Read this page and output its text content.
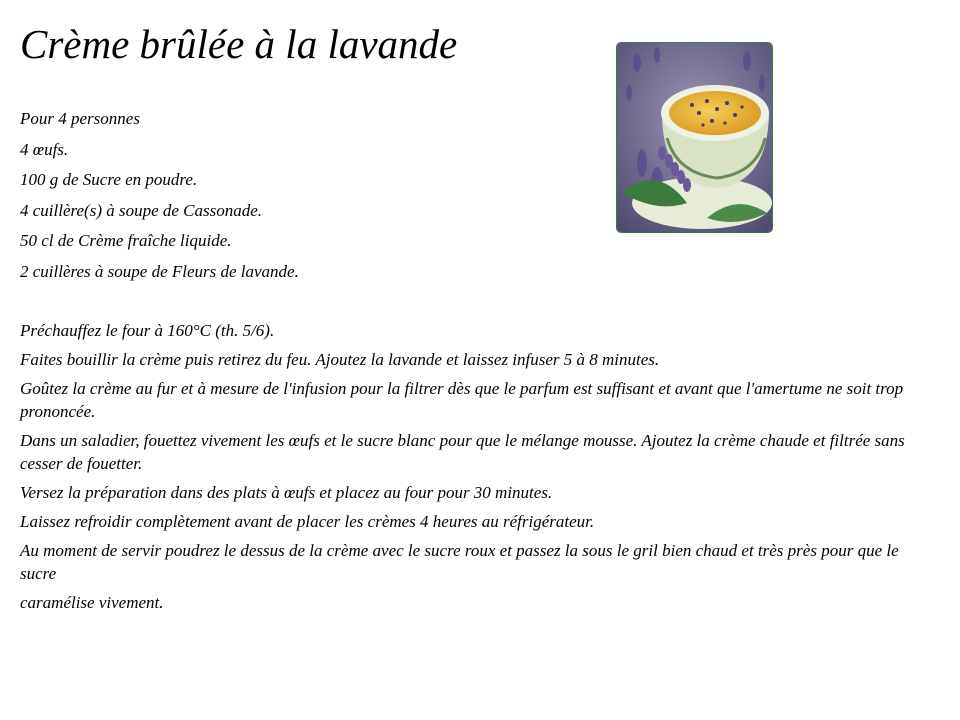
Crème brûlée à la lavande
Pour 4 personnes
4 œufs.
100 g de Sucre en poudre.
4 cuillère(s) à soupe de Cassonade.
50 cl de Crème fraîche liquide.
2 cuillères à soupe de Fleurs de lavande.
Préchauffez le four à 160°C (th. 5/6).
Faites bouillir la crème puis retirez du feu. Ajoutez la lavande et laissez infuser 5 à 8 minutes.
Goûtez la crème au fur et à mesure de l'infusion pour la filtrer dès que le parfum est suffisant et avant que l'amertume ne soit trop prononcée.
Dans un saladier, fouettez vivement les œufs et le sucre blanc pour que le mélange mousse. Ajoutez la crème chaude et filtrée sans cesser de fouetter.
Versez la préparation dans des plats à œufs et placez au four pour 30 minutes.
Laissez refroidir complètement avant de placer les crèmes 4 heures au réfrigérateur.
Au moment de servir poudrez le dessus de la crème avec le sucre roux et passez la sous le gril bien chaud et très près pour que le sucre
caramélise vivement.
